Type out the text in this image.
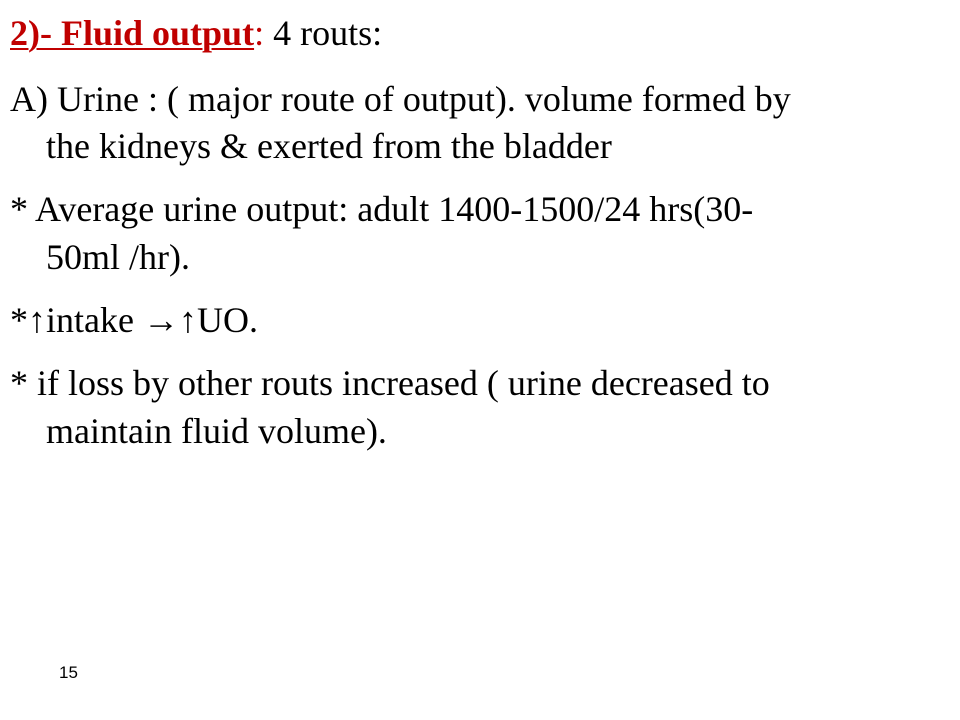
2)- Fluid output: 4 routs:
A) Urine : ( major route of output). volume formed by
the kidneys & exerted from the bladder
* Average urine output: adult 1400-1500/24 hrs(30-
50ml /hr).
*↑intake →↑UO.
* if loss by other routs increased ( urine decreased to
maintain fluid volume).
15
